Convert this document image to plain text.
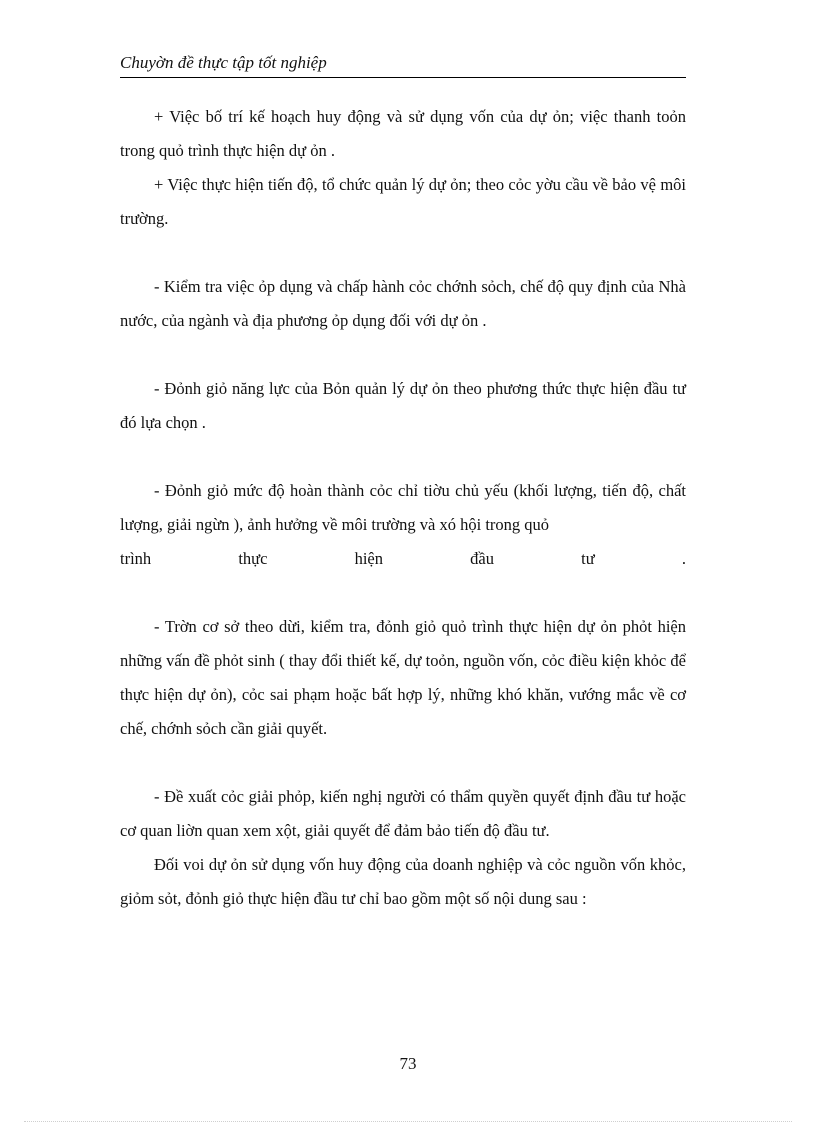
Chuyờn đề thực tập tốt nghiệp

+ Việc bố trí kế hoạch huy động và sử dụng vốn của dự ỏn; việc thanh toỏn trong quỏ trình thực hiện dự ỏn .

+ Việc thực hiện tiến độ, tổ chức quản lý dự ỏn; theo cỏc yờu cầu về bảo vệ môi trường.

- Kiểm tra việc ỏp dụng và chấp hành cỏc chớnh sỏch, chế độ quy định của Nhà nước, của ngành và địa phương ỏp dụng đối với dự ỏn .

- Đỏnh giỏ năng lực của Bỏn quản lý dự ỏn theo phương thức thực hiện đầu tư đó lựa chọn .

- Đỏnh giỏ mức độ hoàn thành cỏc chỉ tiờu chủ yếu (khối lượng, tiến độ, chất lượng, giải ngừn ), ảnh hưởng về môi trường và xó hội trong quỏ

trình	thực	hiện	đầu	tư	.

- Trờn cơ sở theo dừi, kiểm tra, đỏnh giỏ quỏ trình thực hiện dự ỏn phỏt hiện những vấn đề phỏt sinh ( thay đổi thiết kế, dự toỏn, nguồn vốn, cỏc điều kiện khỏc để thực hiện dự ỏn), cỏc sai phạm hoặc bất hợp lý, những khó khăn, vướng mắc về cơ chế, chớnh sỏch cần giải quyết.

- Đề xuất cỏc giải phỏp, kiến nghị người có thẩm quyền quyết định đầu tư hoặc cơ quan liờn quan xem xột, giải quyết để đảm bảo tiến độ đầu tư.

Đối voi dự ỏn sử dụng vốn huy động của doanh nghiệp và cỏc nguồn vốn khỏc, giỏm sỏt, đỏnh giỏ thực hiện đầu tư chỉ bao gồm một số nội dung sau :

73
